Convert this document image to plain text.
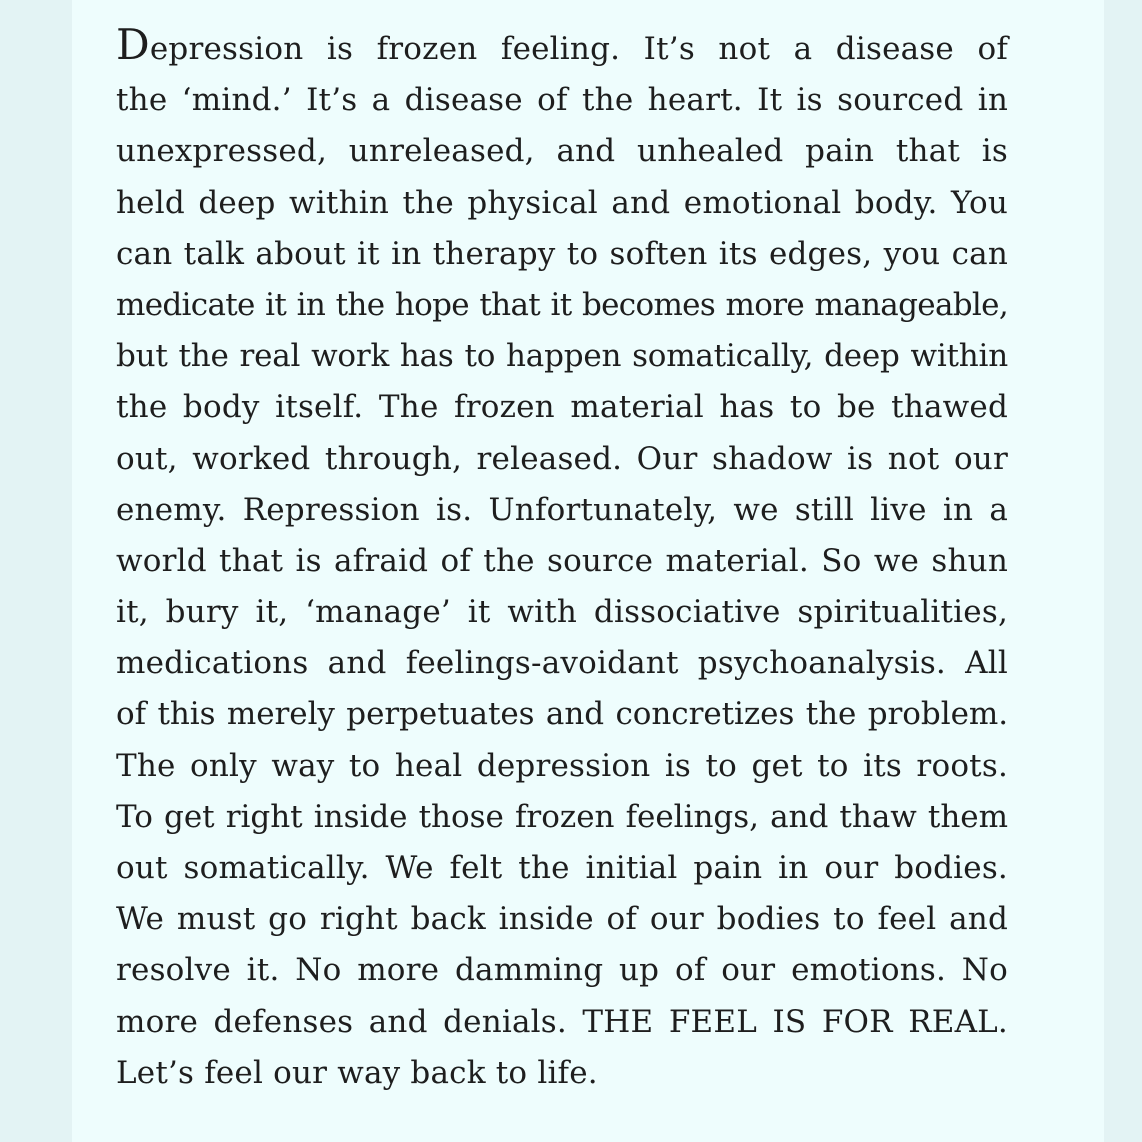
Depression is frozen feeling. It’s not a disease of
the ‘mind.’ It’s a disease of the heart. It is sourced in
unexpressed, unreleased, and unhealed pain that is
held deep within the physical and emotional body. You
can talk about it in therapy to soften its edges, you can
medicate it in the hope that it becomes more manageable,
but the real work has to happen somatically, deep within
the body itself. The frozen material has to be thawed
out, worked through, released. Our shadow is not our
enemy. Repression is. Unfortunately, we still live in a
world that is afraid of the source material. So we shun
it, bury it, ‘manage’ it with dissociative spiritualities,
medications and feelings-avoidant psychoanalysis. All
of this merely perpetuates and concretizes the problem.
The only way to heal depression is to get to its roots.
To get right inside those frozen feelings, and thaw them
out somatically. We felt the initial pain in our bodies.
We must go right back inside of our bodies to feel and
resolve it. No more damming up of our emotions. No
more defenses and denials. THE FEEL IS FOR REAL.
Let’s feel our way back to life.
